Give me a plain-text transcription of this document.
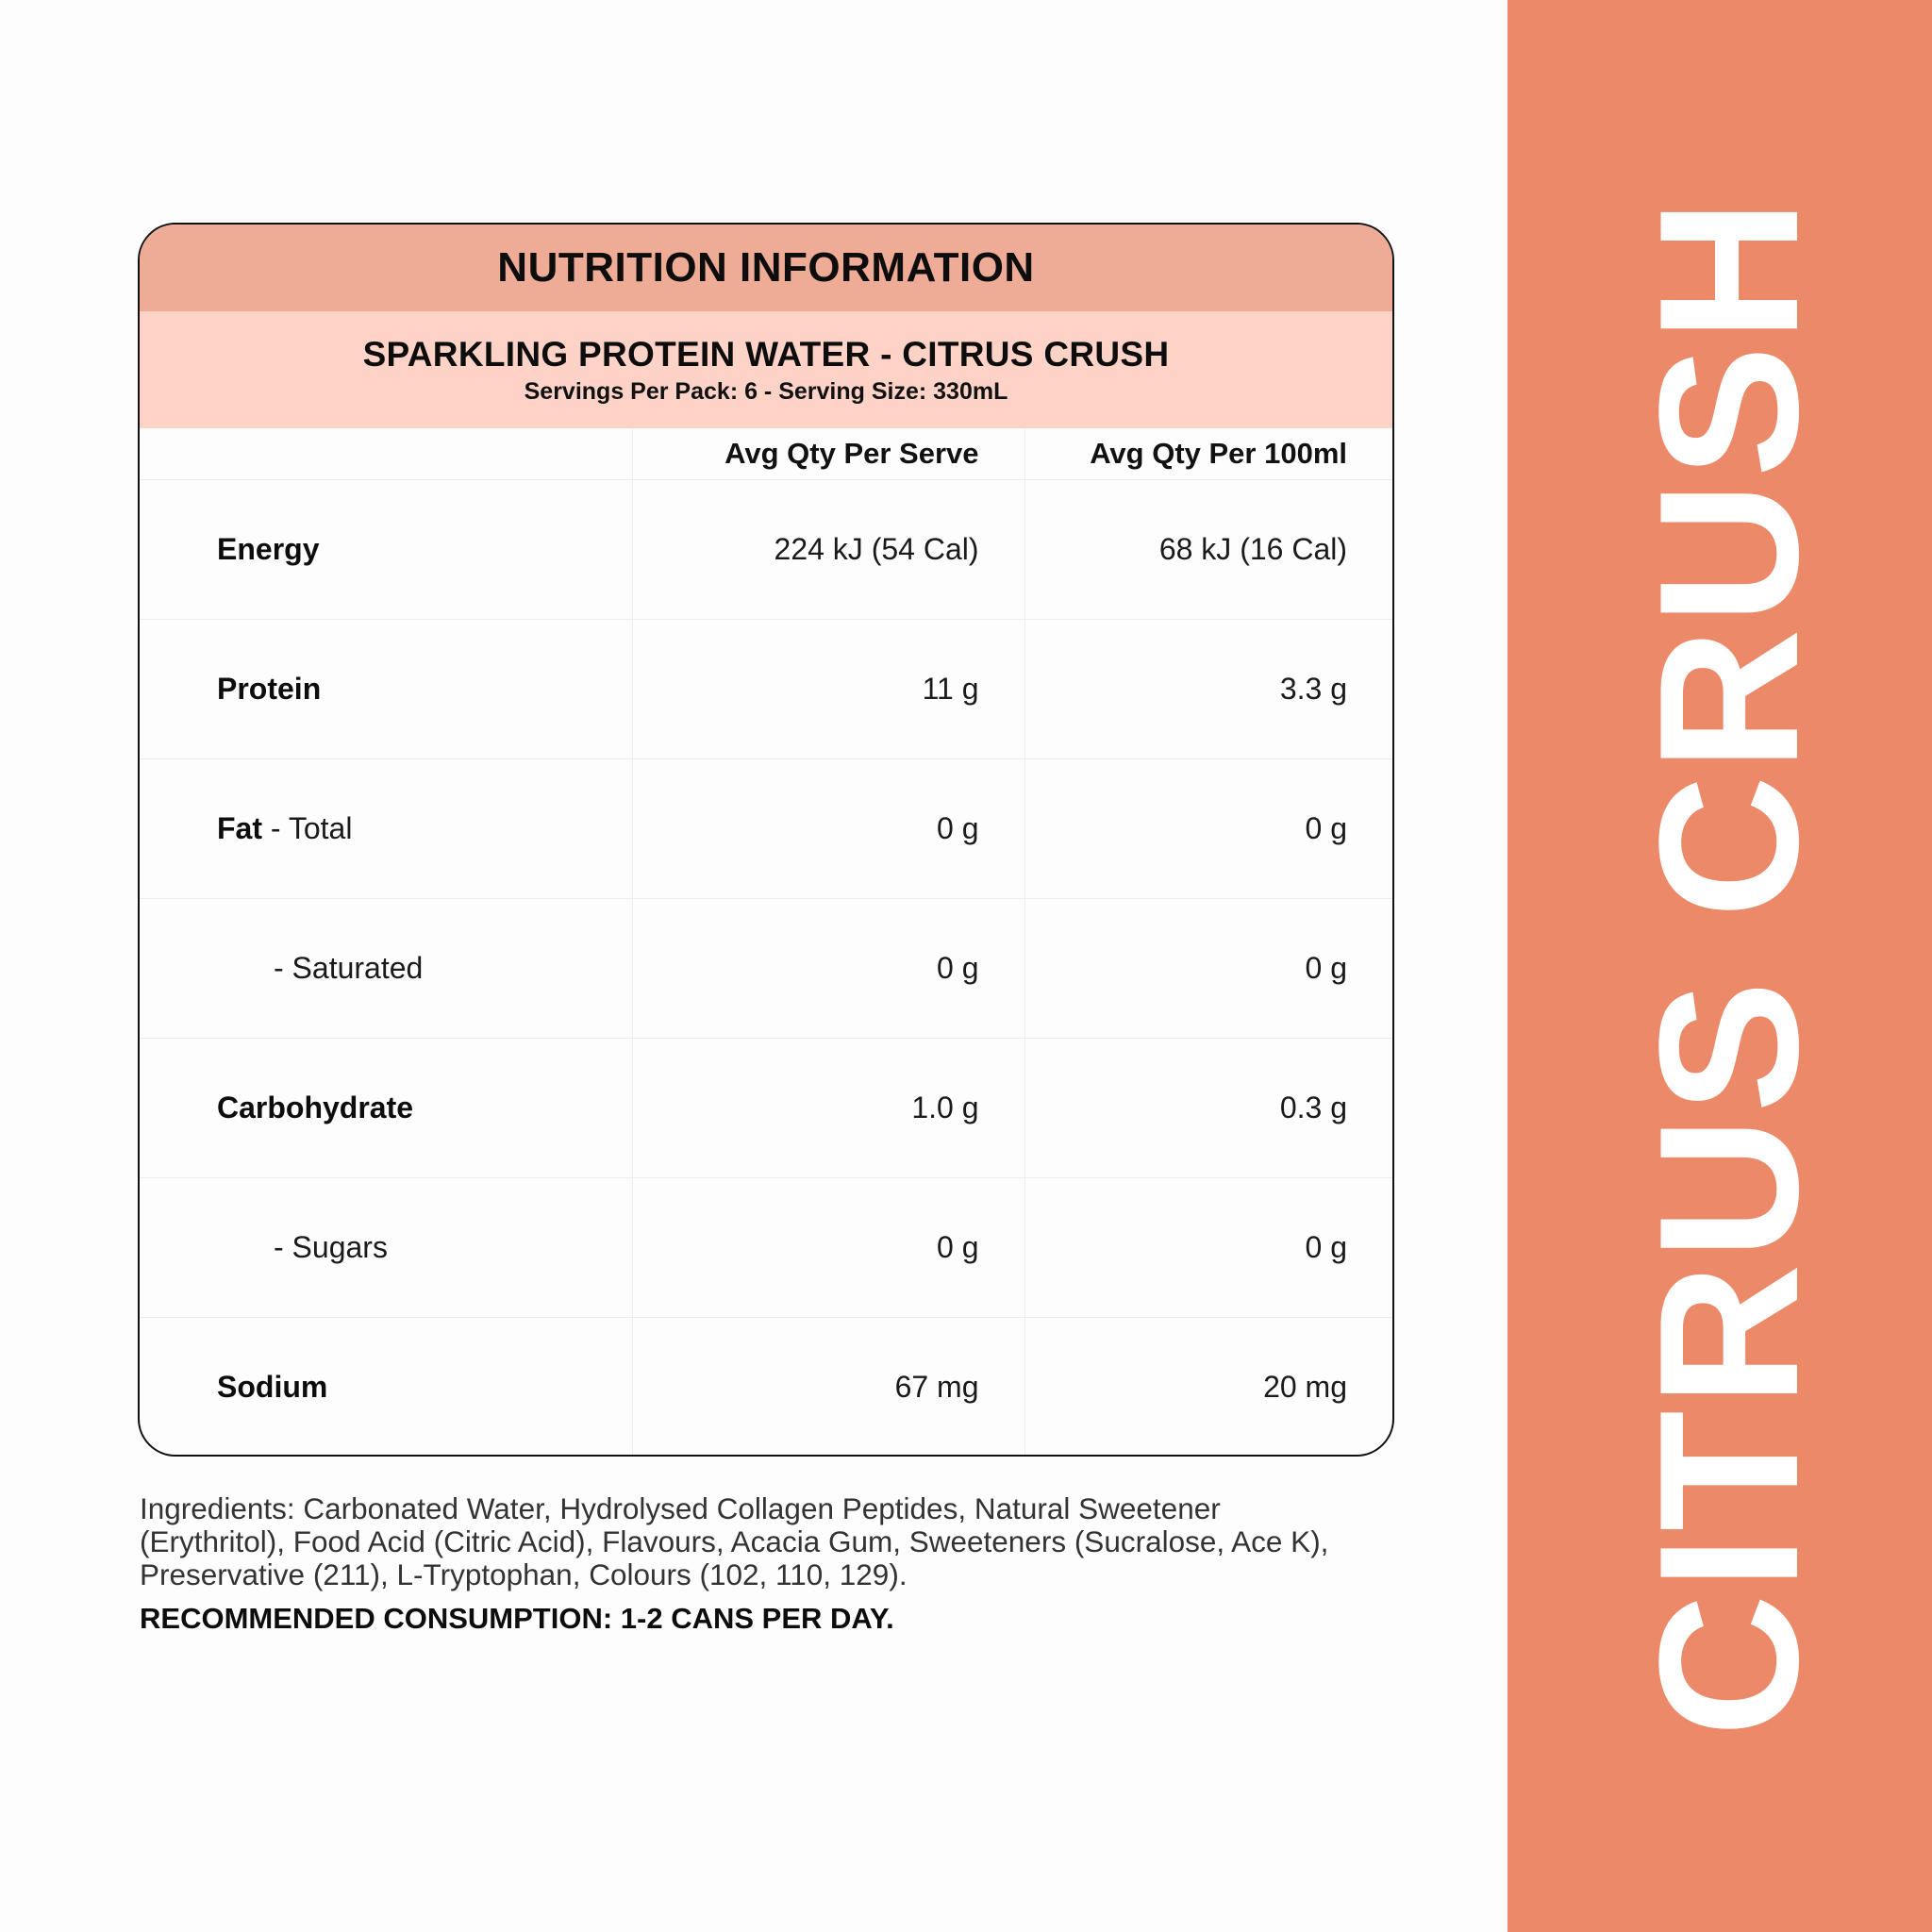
CITRUS CRUSH
NUTRITION INFORMATION
SPARKLING PROTEIN WATER - CITRUS CRUSH
Servings Per Pack: 6 - Serving Size: 330mL
	Avg Qty Per Serve	Avg Qty Per 100ml
Energy	224 kJ (54 Cal)	68 kJ (16 Cal)
Protein	11 g	3.3 g
Fat - Total	0 g	0 g
- Saturated	0 g	0 g
Carbohydrate	1.0 g	0.3 g
- Sugars	0 g	0 g
Sodium	67 mg	20 mg

Ingredients: Carbonated Water, Hydrolysed Collagen Peptides, Natural Sweetener (Erythritol), Food Acid (Citric Acid), Flavours, Acacia Gum, Sweeteners (Sucralose, Ace K), Preservative (211), L-Tryptophan, Colours (102, 110, 129).

RECOMMENDED CONSUMPTION: 1-2 CANS PER DAY.
